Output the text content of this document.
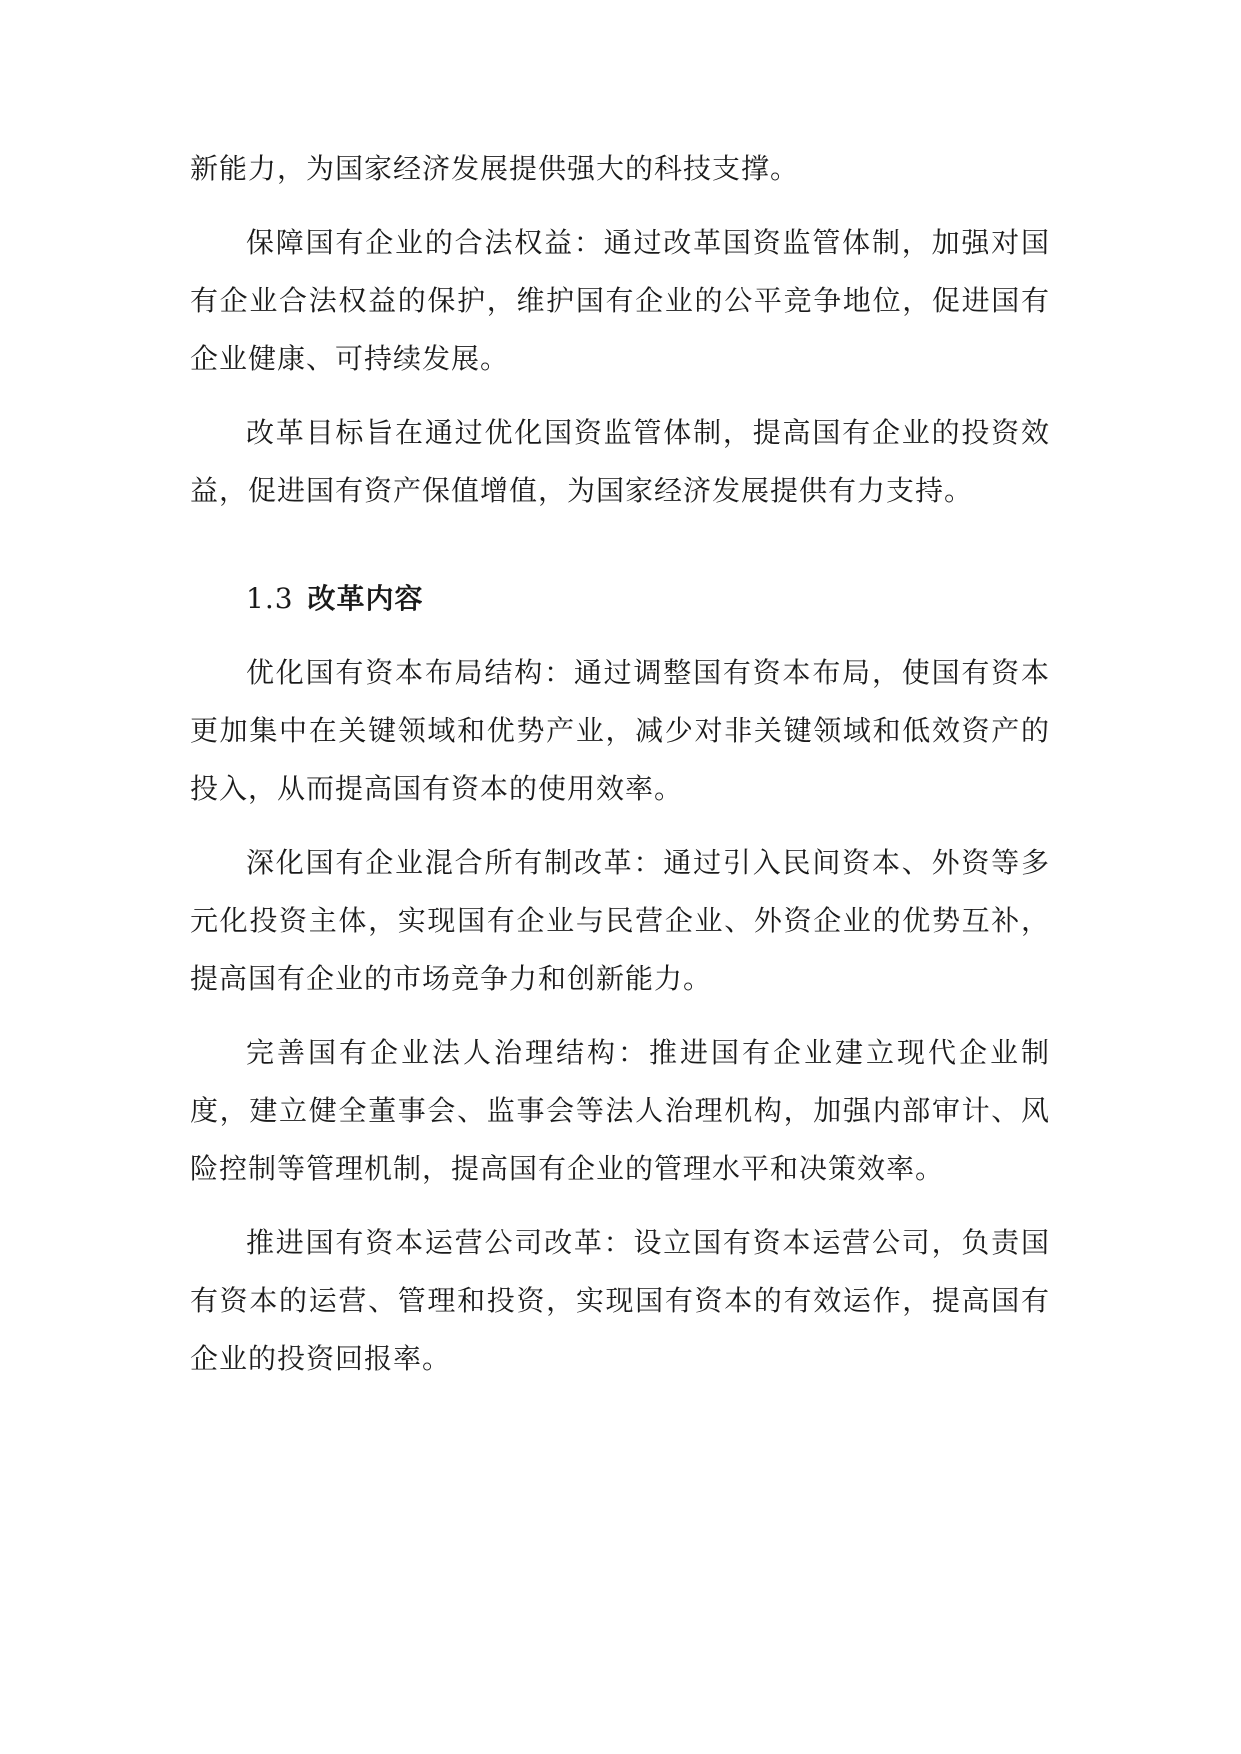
新能力，为国家经济发展提供强大的科技支撑。

保障国有企业的合法权益：通过改革国资监管体制，加强对国有企业合法权益的保护，维护国有企业的公平竞争地位，促进国有企业健康、可持续发展。

改革目标旨在通过优化国资监管体制，提高国有企业的投资效益，促进国有资产保值增值，为国家经济发展提供有力支持。

1.3 改革内容

优化国有资本布局结构：通过调整国有资本布局，使国有资本更加集中在关键领域和优势产业，减少对非关键领域和低效资产的投入，从而提高国有资本的使用效率。

深化国有企业混合所有制改革：通过引入民间资本、外资等多元化投资主体，实现国有企业与民营企业、外资企业的优势互补，提高国有企业的市场竞争力和创新能力。

完善国有企业法人治理结构：推进国有企业建立现代企业制度，建立健全董事会、监事会等法人治理机构，加强内部审计、风险控制等管理机制，提高国有企业的管理水平和决策效率。

推进国有资本运营公司改革：设立国有资本运营公司，负责国有资本的运营、管理和投资，实现国有资本的有效运作，提高国有企业的投资回报率。
